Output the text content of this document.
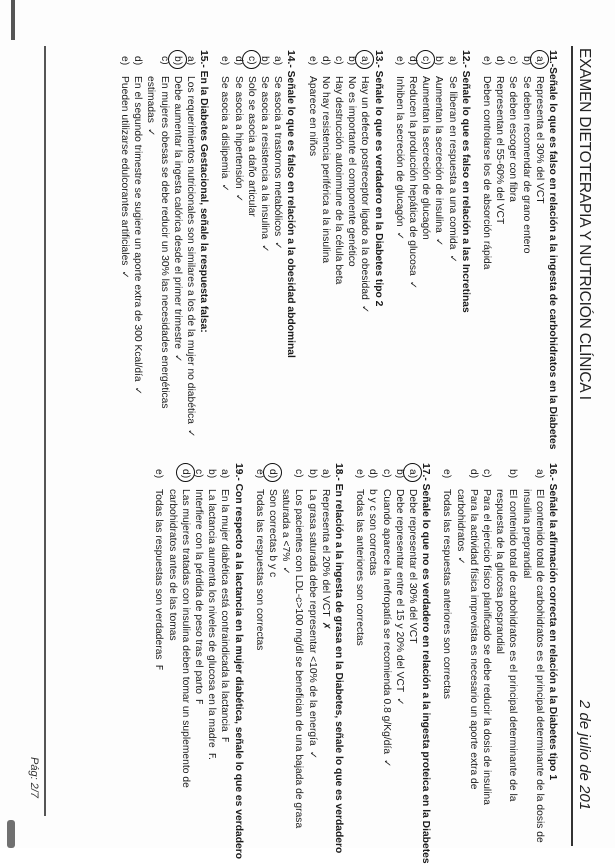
EXAMEN DIETOTERAPIA Y NUTRICIÓN CLÍNICA I
2 de julio de 201
11.-Señale lo que es falso en relación a la ingesta de carbohidratos en la Diabetes
a)
Representa el 30% del VCT
b)
Se deben recomendar de grano entero
c)
Se deben escoger con fibra
d)
Representan el 55-60% del VCT
e)
Deben controlarse los de absorción rápida
12.- Señale lo que es falso en relación a las Incretinas
a)
Se liberan en respuesta a una comida✓
b)
Aumentan la secreción de insulina✓
c)
Aumentan la secreción de glucagón
d)
Reducen la producción hepática de glucosa✓
e)
Inhiben la secreción de glucagón✓
13.- Señale lo que es verdadero en la Diabetes tipo 2
a)
Hay un defecto postreceptor ligado a la obesidad✓
b)
No es importante el componente genético
c)
Hay destrucción autoinmune de la célula beta
d)
No hay resistencia periférica a la insulina
e)
Aparece en niños
14.- Señale lo que es falso en relación a la obesidad abdominal
a)
Se asocia a trastornos metabólicos✓
b)
Se asocia a resistencia a la insulina✓
c)
Solo se asocia a daño articular
d)
Se asocia a hipertensión✓
e)
Se asocia a dislipemia✓
15.- En la Diabetes Gestacional, señale la respuesta falsa:
a)
Los requerimientos nutricionales son similares a los de la mujer no diabética✓
b)
Debe aumentar la ingesta calórica desde el primer trimestre✓
c)
En mujeres obesas se debe reducir un 30% las necesidades energéticas estimadas✓
d)
En el segundo trimestre se sugiere un aporte extra de 300 Kcal/día✓
e)
Pueden utilizarse edulcorantes artificiales✓
16.- Señale la afirmación correcta en relación a la Diabetes tipo 1
a)
El contenido total de carbohidratos es el principal determinante de la dosis de insulina preprandial
b)
El contenido total de carbohidratos es el principal determinante de la respuesta de la glucosa posprandial
c)
Para el ejercicio físico planificado se debe reducir la dosis de insulina
d)
Para la actividad física imprevista es necesario un aporte extra de carbohidratos✓
e)
Todas las respuestas anteriores son correctas
17.- Señale lo que no es verdadero en relación a la ingesta proteica en la Diabetes
a)
Debe representar el 30% del VCT
b)
Debe representar entre el 15 y 20% del VCT✓
c)
Cuando aparece la nefropatía se recomienda 0.8 g/Kg/día✓
d)
b y c son correctas
e)
Todas las anteriores son correctas
18.- En relación a la ingesta de grasa en la Diabetes, señale lo que es verdadero
a)
Representa el 20% del VCT✗
b)
La grasa saturada debe representar <10% de la energía✓
c)
Los pacientes con LDL-c>100 mg/dl se benefician de una bajada de grasa saturada a <7%✓
d)
Son correctas b y c
e)
Todas las respuestas son correctas
19.- Con respecto a la lactancia en la mujer diabética, señale lo que es verdadero
a)
En la mujer diabética está contraindicada la lactanciaF
b)
La lactancia aumenta los niveles de glucosa en la madreF.
c)
Interfiere con la pérdida de peso tras el partoF
d)
Las mujeres tratadas con insulina deben tomar un suplemento de carbohidratos antes de las tomas
e)
Todas las respuestas son verdaderasF
Pág: 2/7
